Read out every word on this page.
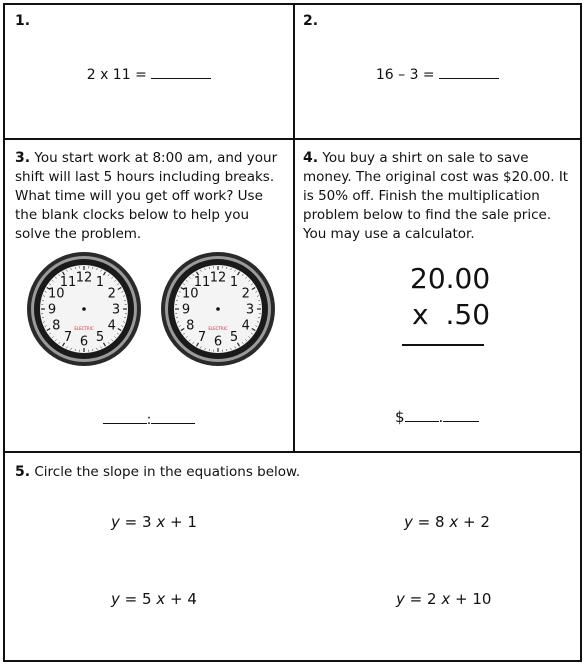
1.
2 x 11 =
2.
16 – 3 =
3. You start work at 8:00 am, and your shift will last 5 hours including breaks. What time will you get off work? Use the blank clocks below to help you solve the problem.
12 1
2
3
4
5
6
7
8
9
10
11
ELECTRIC
12 1
2
3
4
5
6
7
8
9
10
11
ELECTRIC
:
4. You buy a shirt on sale to save money. The original cost was $20.00. It is 50% off. Finish the multiplication problem below to find the sale price. You may use a calculator.
20.00
x .50
$ .
5. Circle the slope in the equations below.
y = 3 x + 1	y = 8 x + 2
y = 5 x + 4	y = 2 x + 10
